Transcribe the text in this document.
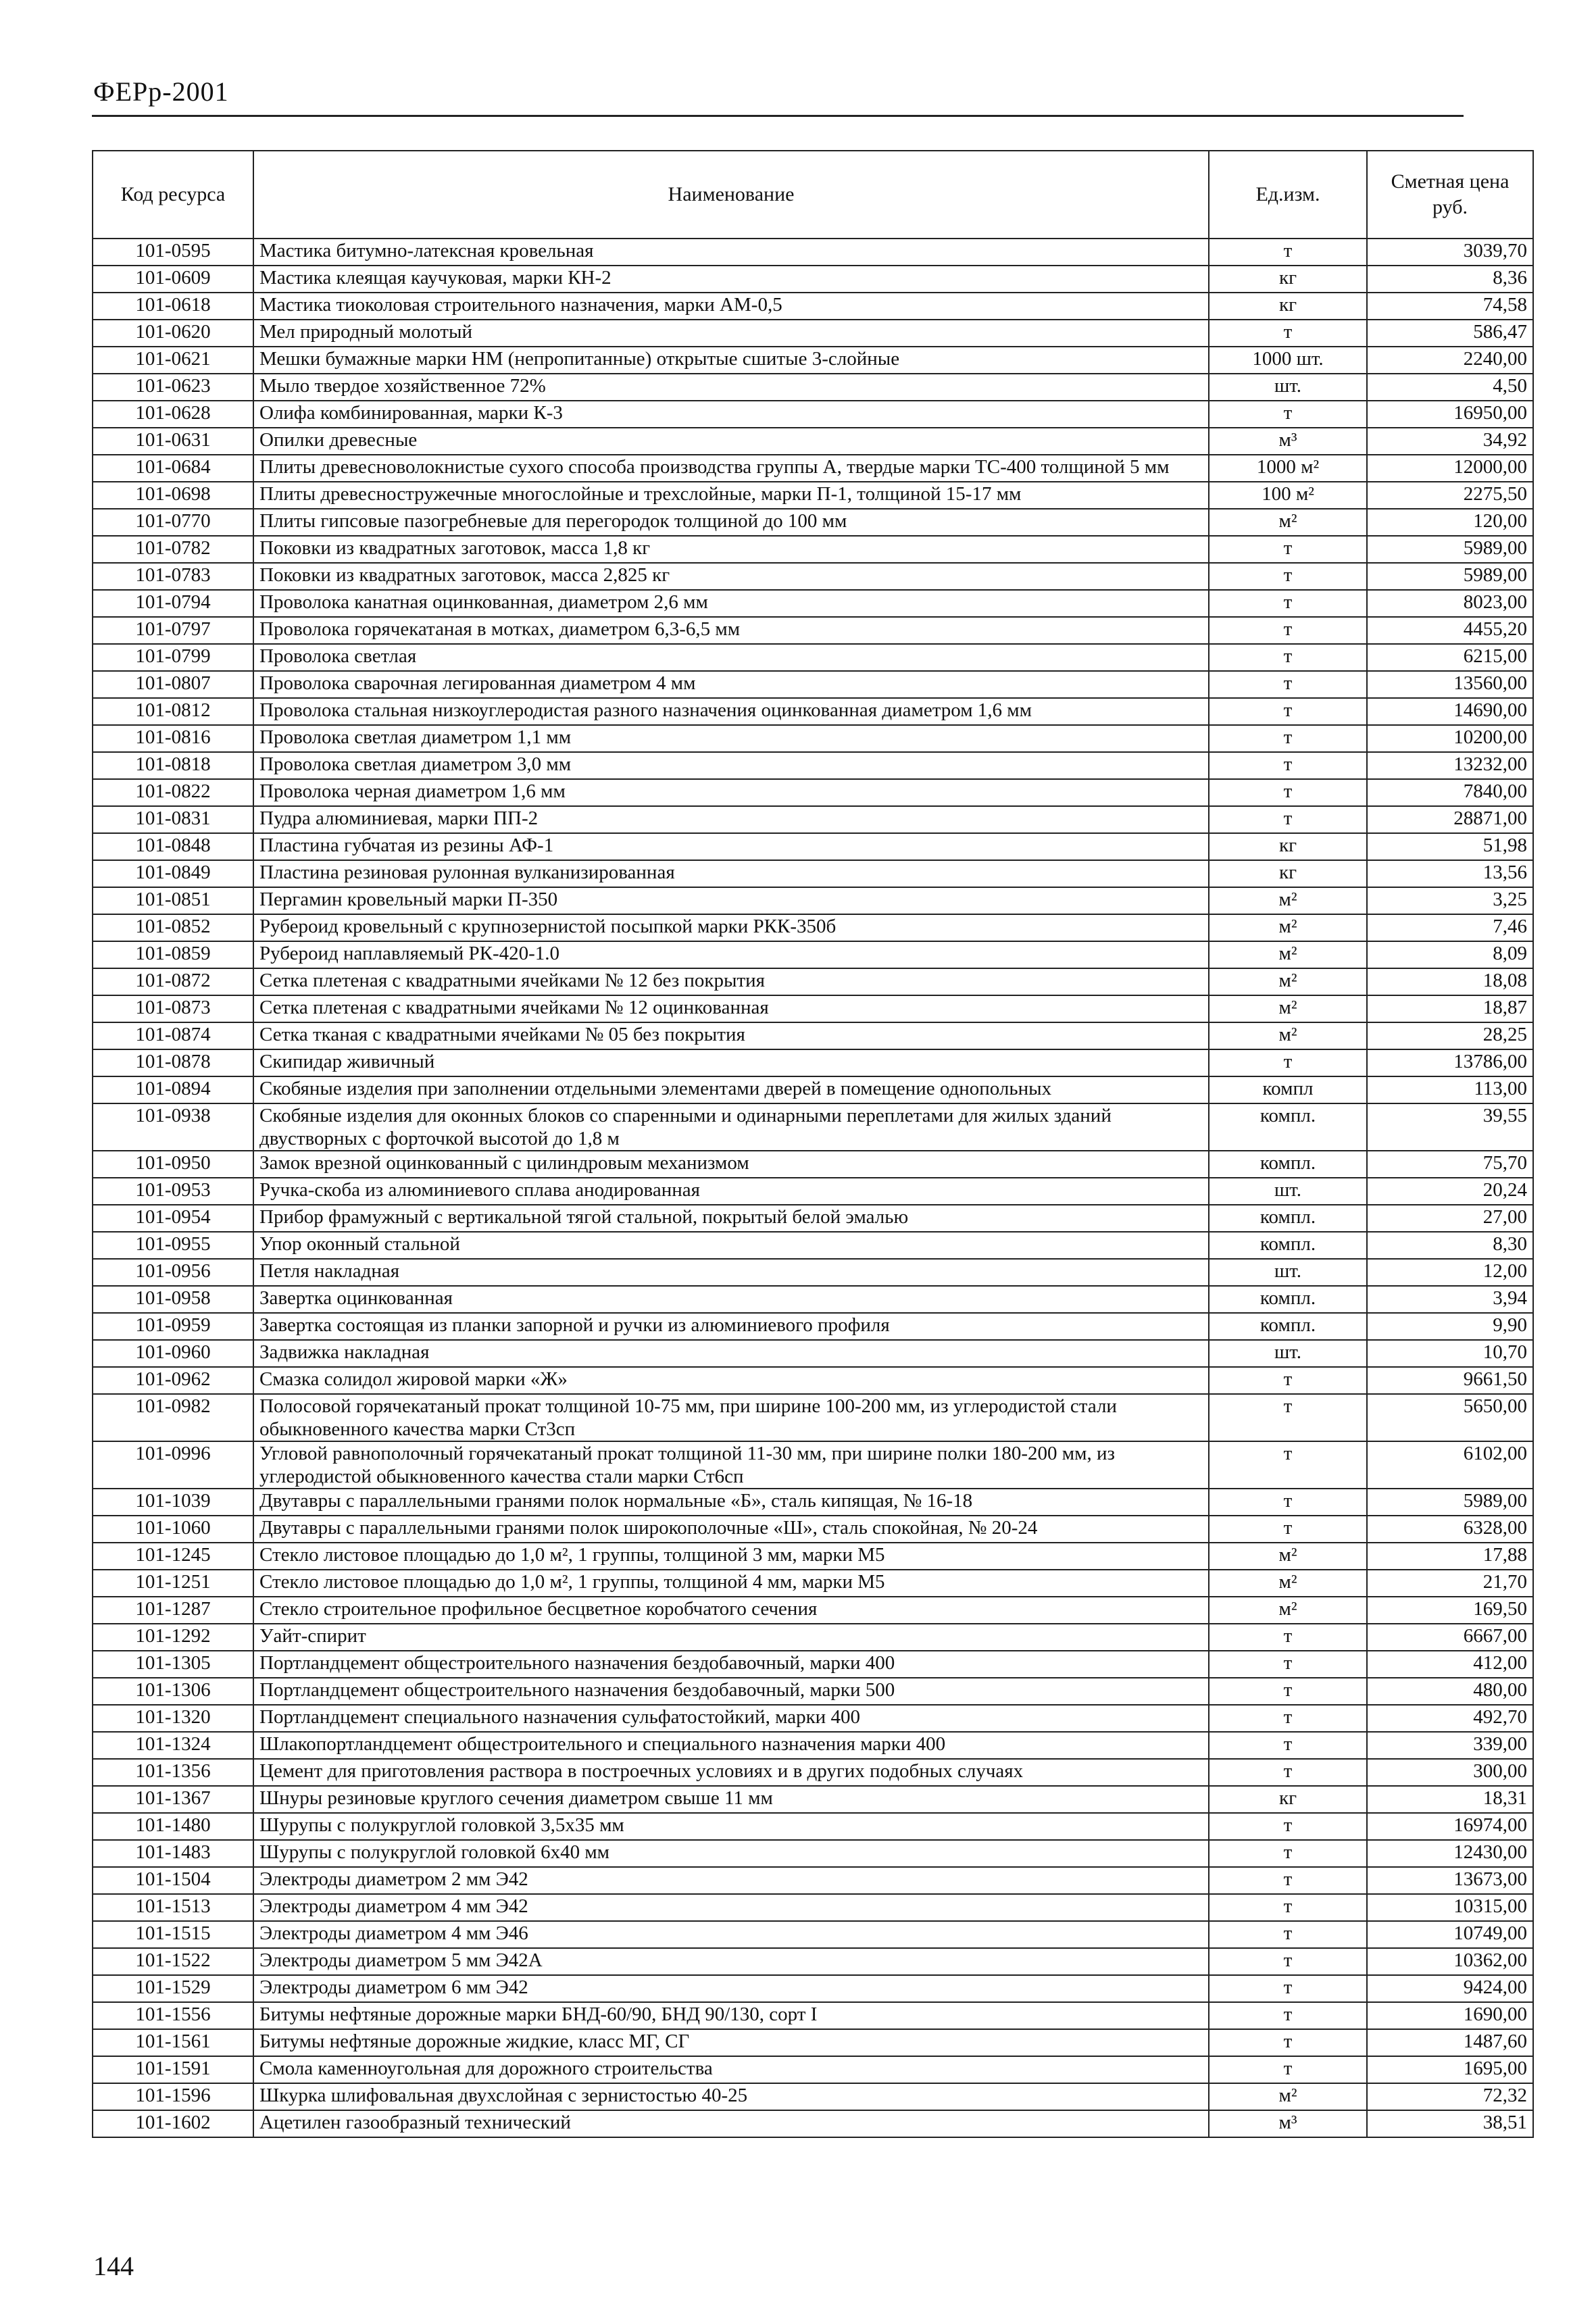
ФЕРр-2001
Код ресурса	Наименование	Ед.изм.	Сметная цена руб.
101-0595	Мастика битумно-латексная кровельная	т	3039,70
101-0609	Мастика клеящая каучуковая, марки КН-2	кг	8,36
101-0618	Мастика тиоколовая строительного назначения, марки АМ-0,5	кг	74,58
101-0620	Мел природный молотый	т	586,47
101-0621	Мешки бумажные марки НМ (непропитанные) открытые сшитые 3-слойные	1000 шт.	2240,00
101-0623	Мыло твердое хозяйственное 72%	шт.	4,50
101-0628	Олифа комбинированная, марки К-3	т	16950,00
101-0631	Опилки древесные	м³	34,92
101-0684	Плиты древесноволокнистые сухого способа производства группы А, твердые марки ТС-400 толщиной 5 мм	1000 м²	12000,00
101-0698	Плиты древесностружечные многослойные и трехслойные, марки П-1, толщиной 15-17 мм	100 м²	2275,50
101-0770	Плиты гипсовые пазогребневые для перегородок толщиной до 100 мм	м²	120,00
101-0782	Поковки из квадратных заготовок, масса 1,8 кг	т	5989,00
101-0783	Поковки из квадратных заготовок, масса 2,825 кг	т	5989,00
101-0794	Проволока канатная оцинкованная, диаметром 2,6 мм	т	8023,00
101-0797	Проволока горячекатаная в мотках, диаметром 6,3-6,5 мм	т	4455,20
101-0799	Проволока светлая	т	6215,00
101-0807	Проволока сварочная легированная диаметром 4 мм	т	13560,00
101-0812	Проволока стальная низкоуглеродистая разного назначения оцинкованная диаметром 1,6 мм	т	14690,00
101-0816	Проволока светлая диаметром 1,1 мм	т	10200,00
101-0818	Проволока светлая диаметром 3,0 мм	т	13232,00
101-0822	Проволока черная диаметром 1,6 мм	т	7840,00
101-0831	Пудра алюминиевая, марки ПП-2	т	28871,00
101-0848	Пластина губчатая из резины АФ-1	кг	51,98
101-0849	Пластина резиновая рулонная вулканизированная	кг	13,56
101-0851	Пергамин кровельный марки П-350	м²	3,25
101-0852	Рубероид кровельный с крупнозернистой посыпкой марки РКК-350б	м²	7,46
101-0859	Рубероид наплавляемый РК-420-1.0	м²	8,09
101-0872	Сетка плетеная с квадратными ячейками № 12 без покрытия	м²	18,08
101-0873	Сетка плетеная с квадратными ячейками № 12 оцинкованная	м²	18,87
101-0874	Сетка тканая с квадратными ячейками № 05 без покрытия	м²	28,25
101-0878	Скипидар живичный	т	13786,00
101-0894	Скобяные изделия при заполнении отдельными элементами дверей в помещение однопольных	компл	113,00
101-0938	Скобяные изделия для оконных блоков со спаренными и одинарными переплетами для жилых зданий двустворных с форточкой высотой до 1,8 м	компл.	39,55
101-0950	Замок врезной оцинкованный с цилиндровым механизмом	компл.	75,70
101-0953	Ручка-скоба из алюминиевого сплава анодированная	шт.	20,24
101-0954	Прибор фрамужный с вертикальной тягой стальной, покрытый белой эмалью	компл.	27,00
101-0955	Упор оконный стальной	компл.	8,30
101-0956	Петля накладная	шт.	12,00
101-0958	Завертка оцинкованная	компл.	3,94
101-0959	Завертка состоящая из планки запорной и ручки из алюминиевого профиля	компл.	9,90
101-0960	Задвижка накладная	шт.	10,70
101-0962	Смазка солидол жировой марки «Ж»	т	9661,50
101-0982	Полосовой горячекатаный прокат толщиной 10-75 мм, при ширине 100-200 мм, из углеродистой стали обыкновенного качества марки Ст3сп	т	5650,00
101-0996	Угловой равнополочный горячекатаный прокат толщиной 11-30 мм, при ширине полки 180-200 мм, из углеродистой обыкновенного качества стали марки Ст6сп	т	6102,00
101-1039	Двутавры с параллельными гранями полок нормальные «Б», сталь кипящая, № 16-18	т	5989,00
101-1060	Двутавры с параллельными гранями полок широкополочные «Ш», сталь спокойная, № 20-24	т	6328,00
101-1245	Стекло листовое площадью до 1,0 м², 1 группы, толщиной 3 мм, марки М5	м²	17,88
101-1251	Стекло листовое площадью до 1,0 м², 1 группы, толщиной 4 мм, марки М5	м²	21,70
101-1287	Стекло строительное профильное бесцветное коробчатого сечения	м²	169,50
101-1292	Уайт-спирит	т	6667,00
101-1305	Портландцемент общестроительного назначения бездобавочный, марки 400	т	412,00
101-1306	Портландцемент общестроительного назначения бездобавочный, марки 500	т	480,00
101-1320	Портландцемент специального назначения сульфатостойкий, марки 400	т	492,70
101-1324	Шлакопортландцемент общестроительного и специального назначения марки 400	т	339,00
101-1356	Цемент для приготовления раствора в построечных условиях и в других подобных случаях	т	300,00
101-1367	Шнуры резиновые круглого сечения диаметром свыше 11 мм	кг	18,31
101-1480	Шурупы с полукруглой головкой 3,5х35 мм	т	16974,00
101-1483	Шурупы с полукруглой головкой 6х40 мм	т	12430,00
101-1504	Электроды диаметром 2 мм Э42	т	13673,00
101-1513	Электроды диаметром 4 мм Э42	т	10315,00
101-1515	Электроды диаметром 4 мм Э46	т	10749,00
101-1522	Электроды диаметром 5 мм Э42А	т	10362,00
101-1529	Электроды диаметром 6 мм Э42	т	9424,00
101-1556	Битумы нефтяные дорожные марки БНД-60/90, БНД 90/130, сорт I	т	1690,00
101-1561	Битумы нефтяные дорожные жидкие, класс МГ, СГ	т	1487,60
101-1591	Смола каменноугольная для дорожного строительства	т	1695,00
101-1596	Шкурка шлифовальная двухслойная с зернистостью 40-25	м²	72,32
101-1602	Ацетилен газообразный технический	м³	38,51
144
